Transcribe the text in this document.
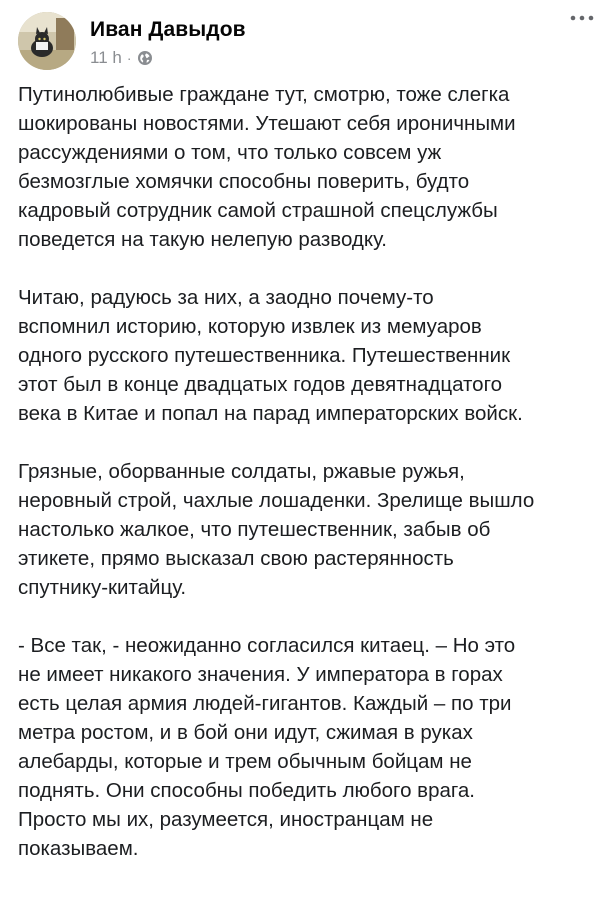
Иван Давыдов
11 h ·

Путинолюбивые граждане тут, смотрю, тоже слегка
шокированы новостями. Утешают себя ироничными
рассуждениями о том, что только совсем уж
безмозглые хомячки способны поверить, будто
кадровый сотрудник самой страшной спецслужбы
поведется на такую нелепую разводку.

Читаю, радуюсь за них, а заодно почему-то
вспомнил историю, которую извлек из мемуаров
одного русского путешественника. Путешественник
этот был в конце двадцатых годов девятнадцатого
века в Китае и попал на парад императорских войск.

Грязные, оборванные солдаты, ржавые ружья,
неровный строй, чахлые лошаденки. Зрелище вышло
настолько жалкое, что путешественник, забыв об
этикете, прямо высказал свою растерянность
спутнику-китайцу.

- Все так, - неожиданно согласился китаец. – Но это
не имеет никакого значения. У императора в горах
есть целая армия людей-гигантов. Каждый – по три
метра ростом, и в бой они идут, сжимая в руках
алебарды, которые и трем обычным бойцам не
поднять. Они способны победить любого врага.
Просто мы их, разумеется, иностранцам не
показываем.
